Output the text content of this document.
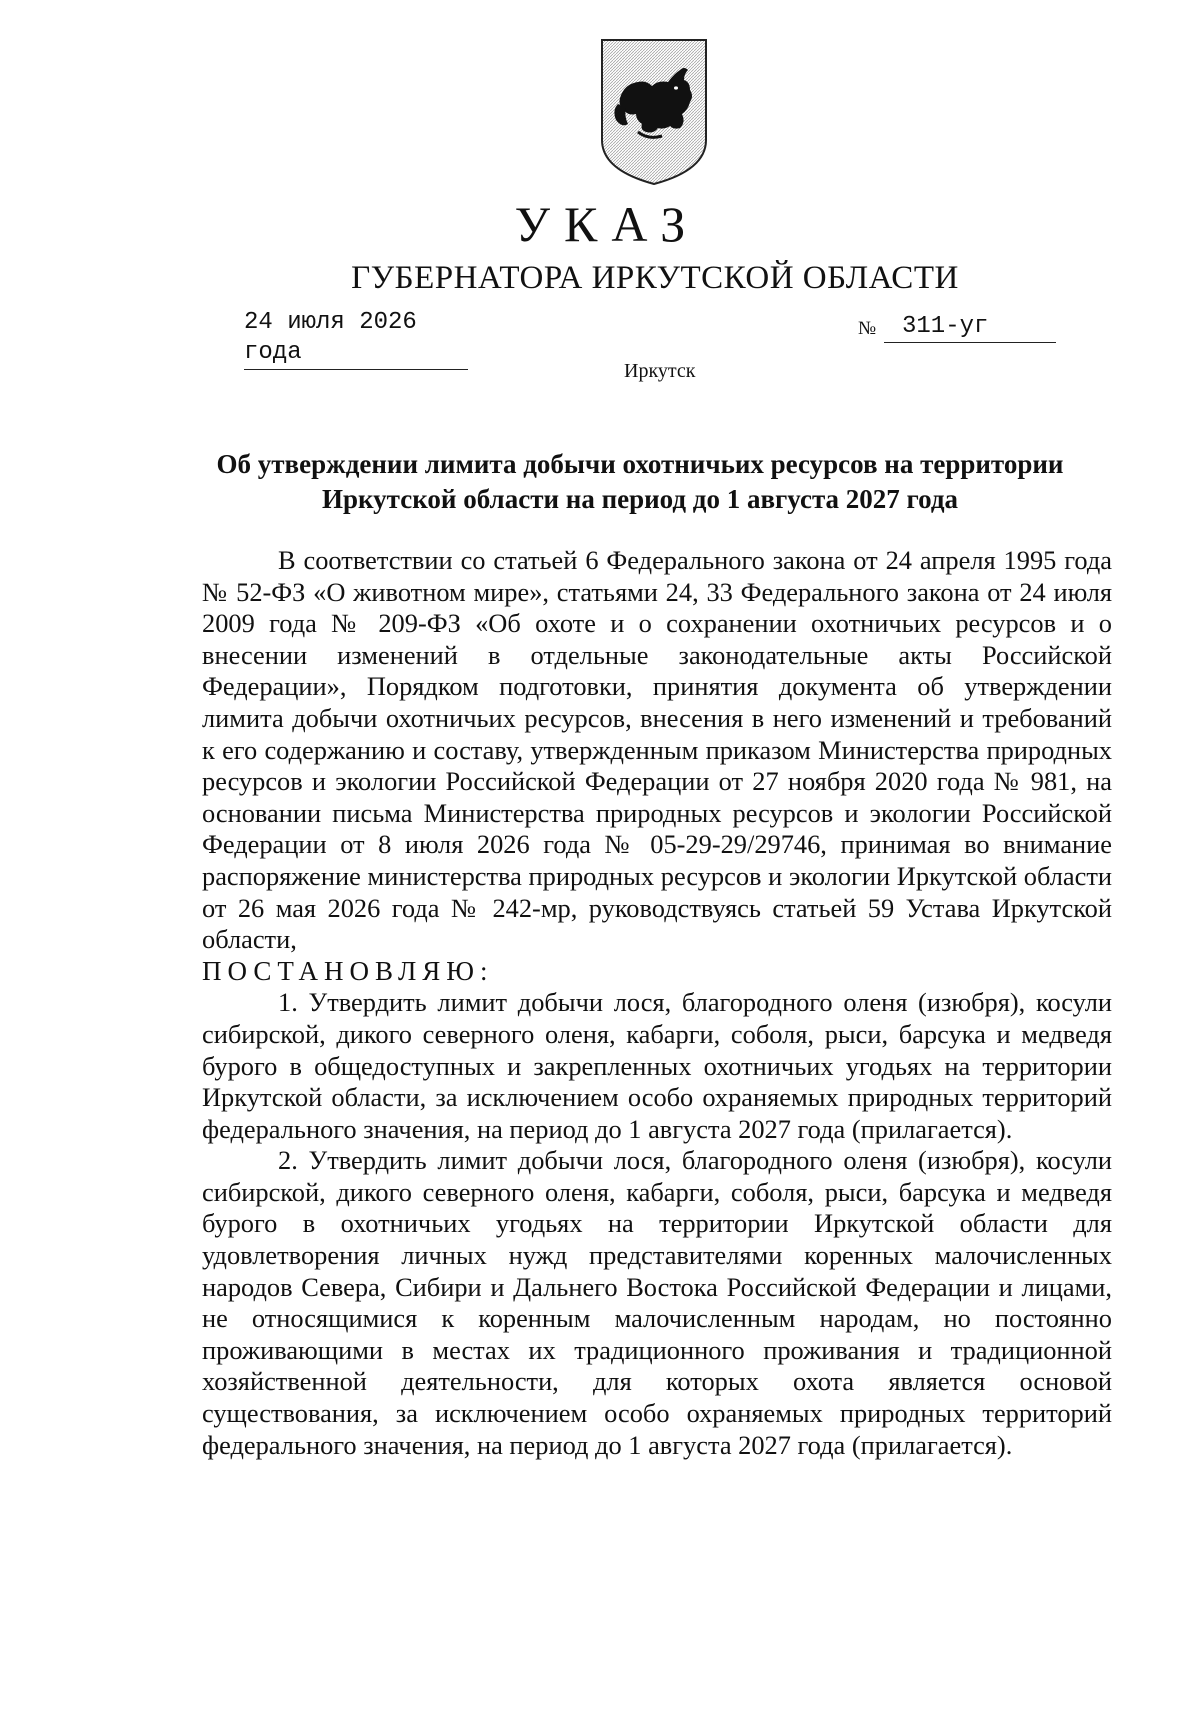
УКАЗ
ГУБЕРНАТОРА ИРКУТСКОЙ ОБЛАСТИ
24 июля 2026 года
№	311-уг
Иркутск
Об утверждении лимита добычи охотничьих ресурсов на территории Иркутской области на период до 1 августа 2027 года

В соответствии со статьей 6 Федерального закона от 24 апреля 1995 года № 52-ФЗ «О животном мире», статьями 24, 33 Федерального закона от 24 июля 2009 года № 209-ФЗ «Об охоте и о сохранении охотничьих ресурсов и о внесении изменений в отдельные законодательные акты Российской Федерации», Порядком подготовки, принятия документа об утверждении лимита добычи охотничьих ресурсов, внесения в него изменений и требований к его содержанию и составу, утвержденным приказом Министерства природных ресурсов и экологии Российской Федерации от 27 ноября 2020 года № 981, на основании письма Министерства природных ресурсов и экологии Российской Федерации от 8 июля 2026 года № 05-29-29/29746, принимая во внимание распоряжение министерства природных ресурсов и экологии Иркутской области от 26 мая 2026 года № 242-мр, руководствуясь статьей 59 Устава Иркутской области,

ПОСТАНОВЛЯЮ:

1. Утвердить лимит добычи лося, благородного оленя (изюбря), косули сибирской, дикого северного оленя, кабарги, соболя, рыси, барсука и медведя бурого в общедоступных и закрепленных охотничьих угодьях на территории Иркутской области, за исключением особо охраняемых природных территорий федерального значения, на период до 1 августа 2027 года (прилагается).

2. Утвердить лимит добычи лося, благородного оленя (изюбря), косули сибирской, дикого северного оленя, кабарги, соболя, рыси, барсука и медведя бурого в охотничьих угодьях на территории Иркутской области для удовлетворения личных нужд представителями коренных малочисленных народов Севера, Сибири и Дальнего Востока Российской Федерации и лицами, не относящимися к коренным малочисленным народам, но постоянно проживающими в местах их традиционного проживания и традиционной хозяйственной деятельности, для которых охота является основой существования, за исключением особо охраняемых природных территорий федерального значения, на период до 1 августа 2027 года (прилагается).
